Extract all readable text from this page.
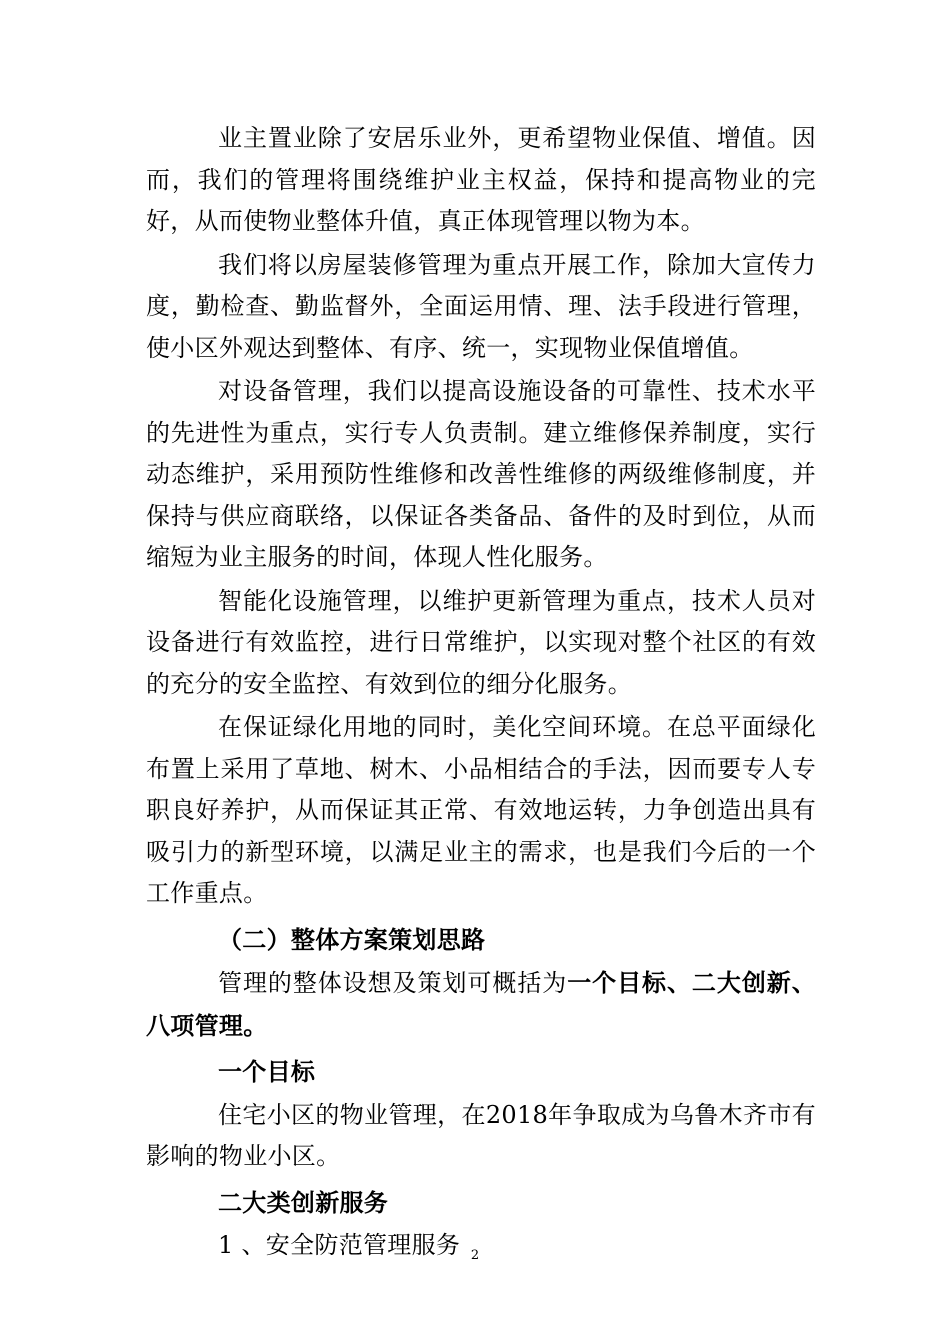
业主置业除了安居乐业外，更希望物业保值、增值。因而，我们的管理将围绕维护业主权益，保持和提高物业的完好，从而使物业整体升值，真正体现管理以物为本。

我们将以房屋装修管理为重点开展工作，除加大宣传力度，勤检查、勤监督外，全面运用情、理、法手段进行管理，使小区外观达到整体、有序、统一，实现物业保值增值。

对设备管理，我们以提高设施设备的可靠性、技术水平的先进性为重点，实行专人负责制。建立维修保养制度，实行动态维护，采用预防性维修和改善性维修的两级维修制度，并保持与供应商联络，以保证各类备品、备件的及时到位，从而缩短为业主服务的时间，体现人性化服务。

智能化设施管理，以维护更新管理为重点，技术人员对设备进行有效监控，进行日常维护，以实现对整个社区的有效的充分的安全监控、有效到位的细分化服务。

在保证绿化用地的同时，美化空间环境。在总平面绿化布置上采用了草地、树木、小品相结合的手法，因而要专人专职良好养护，从而保证其正常、有效地运转，力争创造出具有吸引力的新型环境，以满足业主的需求，也是我们今后的一个工作重点。

（二）整体方案策划思路

管理的整体设想及策划可概括为一个目标、二大创新、八项管理。

一个目标

住宅小区的物业管理，在2018年争取成为乌鲁木齐市有影响的物业小区。

二大类创新服务

1 、安全防范管理服务 2
